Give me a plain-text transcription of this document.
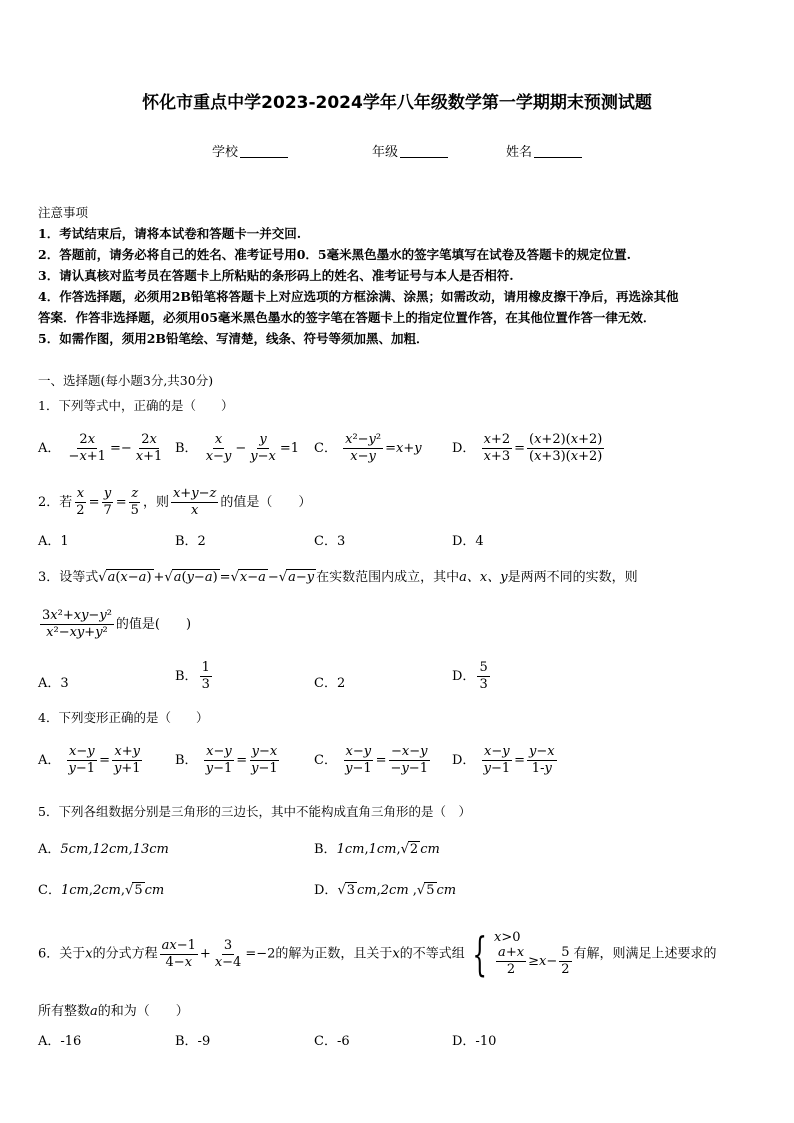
怀化市重点中学2023-2024学年八年级数学第一学期期末预测试题
学校	年级	姓名
注意事项
1．考试结束后，请将本试卷和答题卡一并交回.
2．答题前，请务必将自己的姓名、准考证号用0．5毫米黑色墨水的签字笔填写在试卷及答题卡的规定位置.
3．请认真核对监考员在答题卡上所粘贴的条形码上的姓名、准考证号与本人是否相符.
4．作答选择题，必须用2B铅笔将答题卡上对应选项的方框涂满、涂黑；如需改动，请用橡皮擦干净后，再选涂其他
答案．作答非选择题，必须用05毫米黑色墨水的签字笔在答题卡上的指定位置作答，在其他位置作答一律无效．
5．如需作图，须用2B铅笔绘、写清楚，线条、符号等须加黑、加粗．
一、选择题(每小题3分,共30分)
1．下列等式中，正确的是（　　）
A． $\frac{2x}{-x+1} =- \frac{2x}{x+1}$ B． $\frac{x}{x-y} - \frac{y}{y-x} =1$ C． $\frac{\text{x²−y²}}{x-y} =x+y$ D． $\frac{x+2}{x+3} = \frac{(x+2)(x+2)}{(x+3)(x+2)}$
2．若 $\frac{x}{2} = \frac{y}{7} = \frac{z}{5}$ ，则 $\frac{x+y-z}{x}$ 的值是（　　）
A．1	B．2	C．3	D．4
3．设等式√a(x−a) +√a(y−a) =√x−a −√a−y 在实数范围内成立，其中a、x、y是两两不同的实数，则
$\frac{\text{3x²+xy−y²}}{\text{x²−xy+y²}}$ 的值是(　　)
A．3	B． $\frac{1}{3}$	C．2	D． $\frac{5}{3}$
4．下列变形正确的是（　　）
A． $\frac{x-y}{y-1} = \frac{x+y}{y+1}$	B． $\frac{x-y}{y-1} = \frac{y-x}{y-1}$	C． $\frac{x-y}{y-1} = \frac{-x-y}{-y-1}$ D． $\frac{x-y}{y-1} = \frac{y-x}{1-y}$
5．下列各组数据分别是三角形的三边长，其中不能构成直角三角形的是（　）
A．5cm,12cm,13cm	B．1cm,1cm,√2 cm
C．1cm,2cm,√5 cm	D．√3 cm,2cm ,√5 cm
6．关于x的分式方程 $\frac{ax-1}{4-x} + \frac{3}{x-4} =-2$的解为正数，且关于x的不等式组 { x>0
$\frac{a+x}{2} \ge x- \frac{5}{2}$ 有解，则满足上述要求的
所有整数a的和为（　　）
A．-16	B．-9	C．-6	D．-10
